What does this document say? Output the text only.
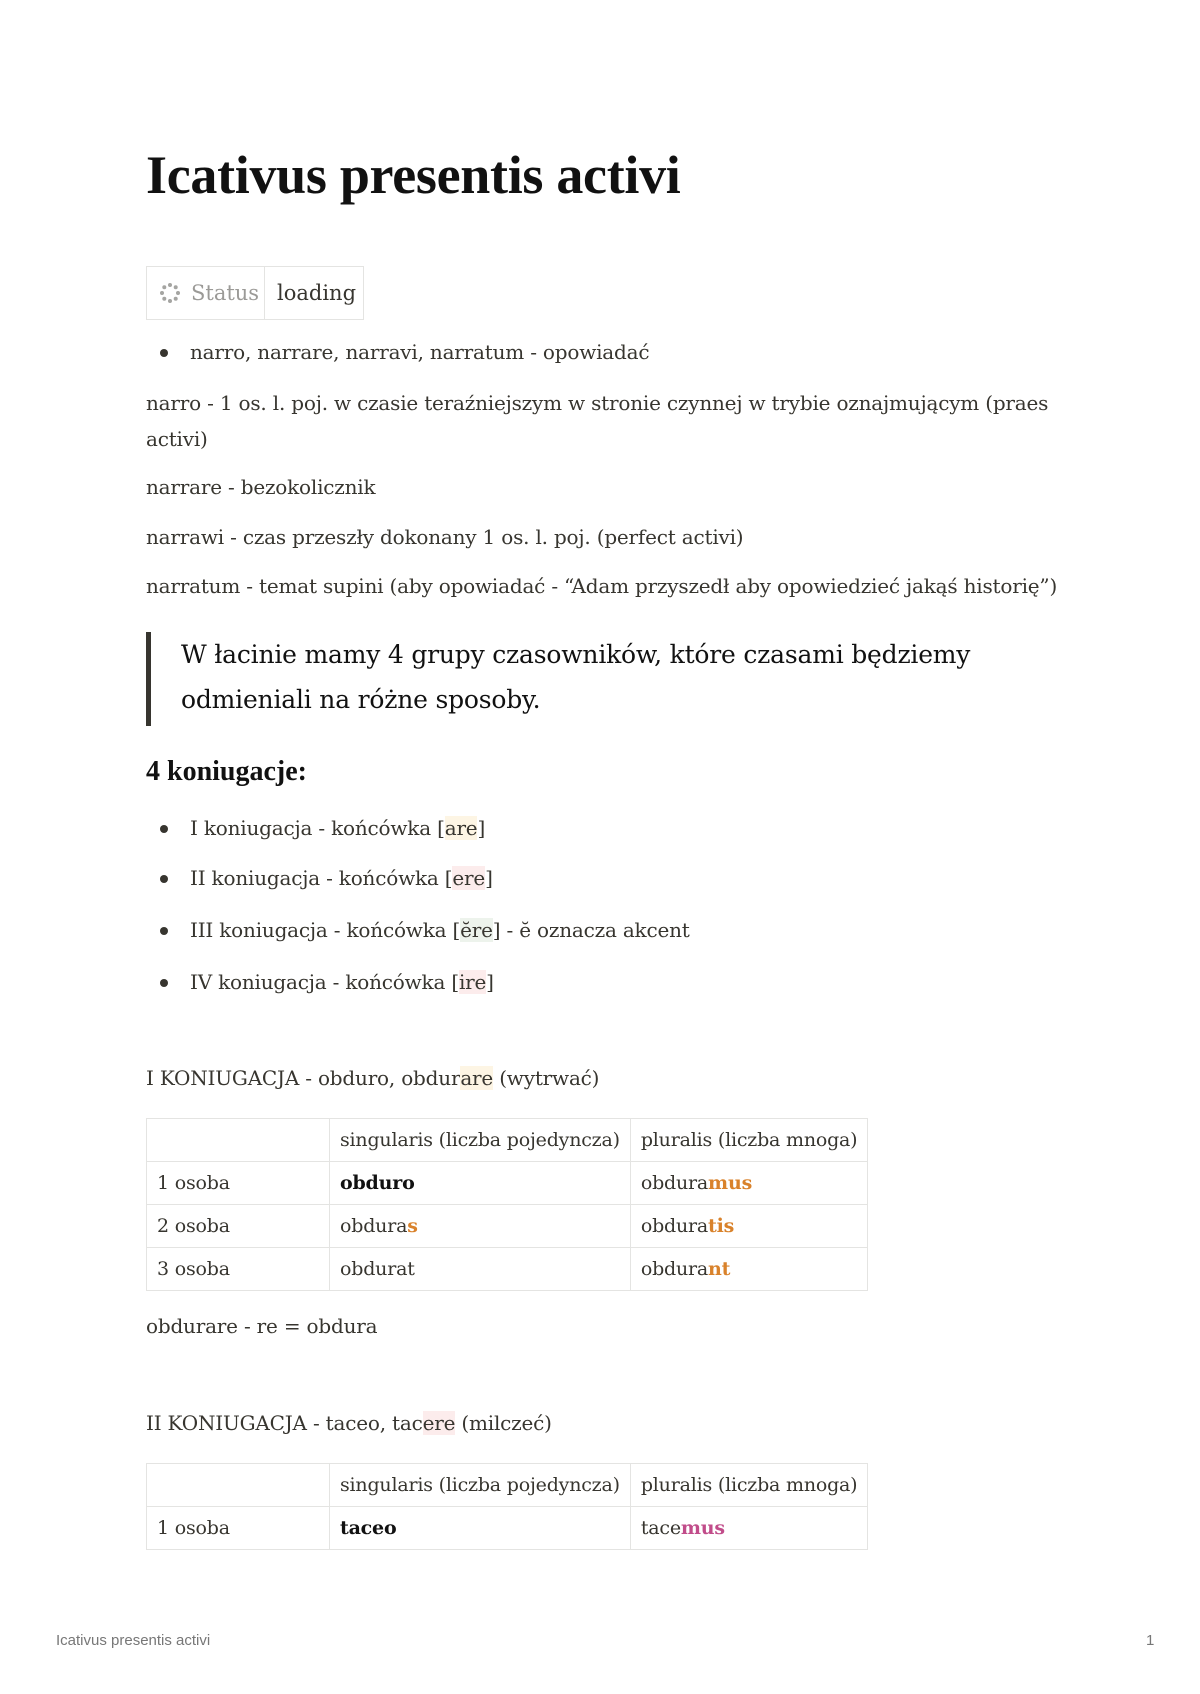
Icativus presentis activi
Status loading
narro, narrare, narravi, narratum - opowiadać

narro - 1 os. l. poj. w czasie teraźniejszym w stronie czynnej w trybie oznajmującym (praes

activi)

narrare - bezokolicznik

narrawi - czas przeszły dokonany 1 os. l. poj. (perfect activi)

narratum - temat supini (aby opowiadać - “Adam przyszedł aby opowiedzieć jakąś historię”)

W łacinie mamy 4 grupy czasowników, które czasami będziemy

odmieniali na różne sposoby.

4 koniugacje:
I koniugacja - końcówka [are]
II koniugacja - końcówka [ere]
III koniugacja - końcówka [ĕre] - ĕ oznacza akcent
IV koniugacja - końcówka [ire]

I KONIUGACJA - obduro, obdurare (wytrwać)

	singularis (liczba pojedyncza)	pluralis (liczba mnoga)
1 osoba	obduro	obduramus
2 osoba	obduras	obduratis
3 osoba	obdurat	obdurant

obdurare - re = obdura

II KONIUGACJA - taceo, tacere (milczeć)

	singularis (liczba pojedyncza)	pluralis (liczba mnoga)
1 osoba	taceo	tacemus
Icativus presentis activi	1
